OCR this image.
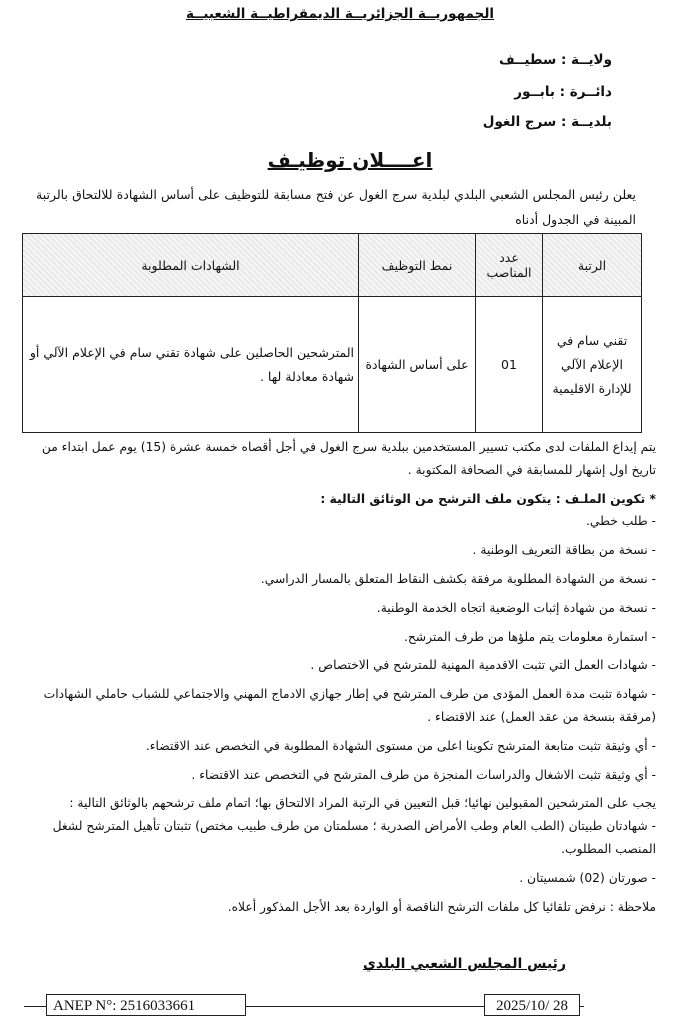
الجمهوريــة الجزائريــة الديمقراطيــة الشعبيــة
ولايــة : سطيــف
دائــرة : بابــور
بلديــة : سرج الغول
اعــــلان توظيـف
يعلن رئيس المجلس الشعبي البلدي لبلدية سرج الغول عن فتح مسابقة للتوظيف على أساس الشهادة للالتحاق بالرتبة المبينة في الجدول أدناه
الرتبة	عدد المناصب	نمط التوظيف	الشهادات المطلوبة
تقني سام في الإعلام الآلي للإدارة الاقليمية	01	على أساس الشهادة	المترشحين الحاصلين على شهادة تقني سام في الإعلام الآلي أو شهادة معادلة لها .

يتم إيداع الملفات لدى مكتب تسيير المستخدمين ببلدية سرج الغول في أجل أقصاه خمسة عشرة (15) يوم عمل ابتداء من تاريخ اول إشهار للمسابقة في الصحافة المكتوبة .

* تكوين الملـف : يتكون ملف الترشح من الوثائق التالية :

- طلب خطي.

- نسخة من بطاقة التعريف الوطنية .

- نسخة من الشهادة المطلوبة مرفقة بكشف النقاط المتعلق بالمسار الدراسي.

- نسخة من شهادة إثبات الوضعية اتجاه الخدمة الوطنية.

- استمارة معلومات يتم ملؤها من طرف المترشح.

- شهادات العمل التي تثبت الاقدمية المهنية للمترشح في الاختصاص .

- شهادة تثبت مدة العمل المؤدى من طرف المترشح في إطار جهازي الادماج المهني والاجتماعي للشباب حاملي الشهادات (مرفقة بنسخة من عقد العمل) عند الاقتضاء .

- أي وثيقة تثبت متابعة المترشح تكوينا اعلى من مستوى الشهادة المطلوبة في التخصص عند الاقتضاء.

- أي وثيقة تثبت الاشغال والدراسات المنجزة من طرف المترشح في التخصص عند الاقتضاء .

يجب على المترشحين المقبولين نهائيا؛ قبل التعيين في الرتبة المراد الالتحاق بها؛ اتمام ملف ترشحهم بالوثائق التالية :

- شهادتان طبيتان (الطب العام وطب الأمراض الصدرية ؛ مسلمتان من طرف طبيب مختص) تثبتان تأهيل المترشح لشغل المنصب المطلوب.

- صورتان (02) شمسيتان .

ملاحظة : نرفض تلقائيا كل ملفات الترشح الناقصة أو الواردة بعد الأجل المذكور أعلاه.

رئيس المجلس الشعبي البلدي
ANEP N°: 2516033661	2025/10/ 28
